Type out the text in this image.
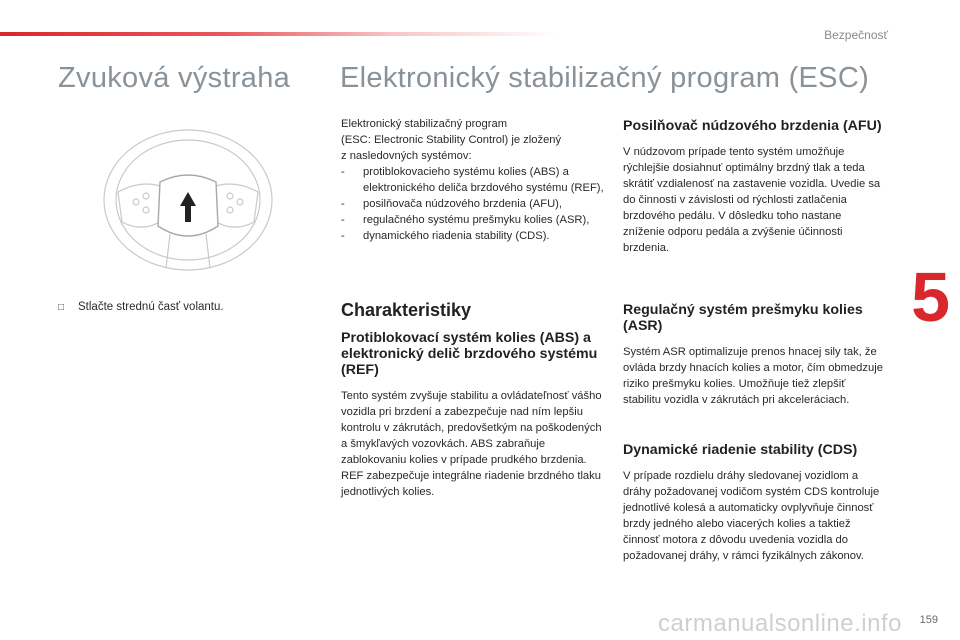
Bezpečnosť
Zvuková výstraha Elektronický stabilizačný program (ESC)
□ Stlačte strednú časť volantu.

Elektronický stabilizačný program

(ESC: Electronic Stability Control) je zložený

z nasledovných systémov:

- protiblokovacieho systému kolies (ABS) a elektronického deliča brzdového systému (REF),
- posilňovača núdzového brzdenia (AFU),
- regulačného systému prešmyku kolies (ASR),
- dynamického riadenia stability (CDS).
Charakteristiky
Protiblokovací systém kolies (ABS) a elektronický delič brzdového systému (REF)

Tento systém zvyšuje stabilitu a ovládateľnosť vášho vozidla pri brzdení a zabezpečuje nad ním lepšiu kontrolu v zákrutách, predovšetkým na poškodených a šmykľavých vozovkách. ABS zabraňuje zablokovaniu kolies v prípade prudkého brzdenia.

REF zabezpečuje integrálne riadenie brzdného tlaku jednotlivých kolies.

Posilňovač núdzového brzdenia (AFU)

V núdzovom prípade tento systém umožňuje rýchlejšie dosiahnuť optimálny brzdný tlak a teda skrátiť vzdialenosť na zastavenie vozidla. Uvedie sa do činnosti v závislosti od rýchlosti zatlačenia brzdového pedálu. V dôsledku toho nastane zníženie odporu pedála a zvýšenie účinnosti brzdenia.

Regulačný systém prešmyku kolies (ASR)

Systém ASR optimalizuje prenos hnacej sily tak, že ovláda brzdy hnacích kolies a motor, čím obmedzuje riziko prešmyku kolies. Umožňuje tiež zlepšiť stabilitu vozidla v zákrutách pri akceleráciach.

Dynamické riadenie stability (CDS)

V prípade rozdielu dráhy sledovanej vozidlom a dráhy požadovanej vodičom systém CDS kontroluje jednotlivé kolesá a automaticky ovplyvňuje činnosť brzdy jedného alebo viacerých kolies a taktiež činnosť motora z dôvodu uvedenia vozidla do požadovanej dráhy, v rámci fyzikálnych zákonov.

5
carmanualsonline.info 159
